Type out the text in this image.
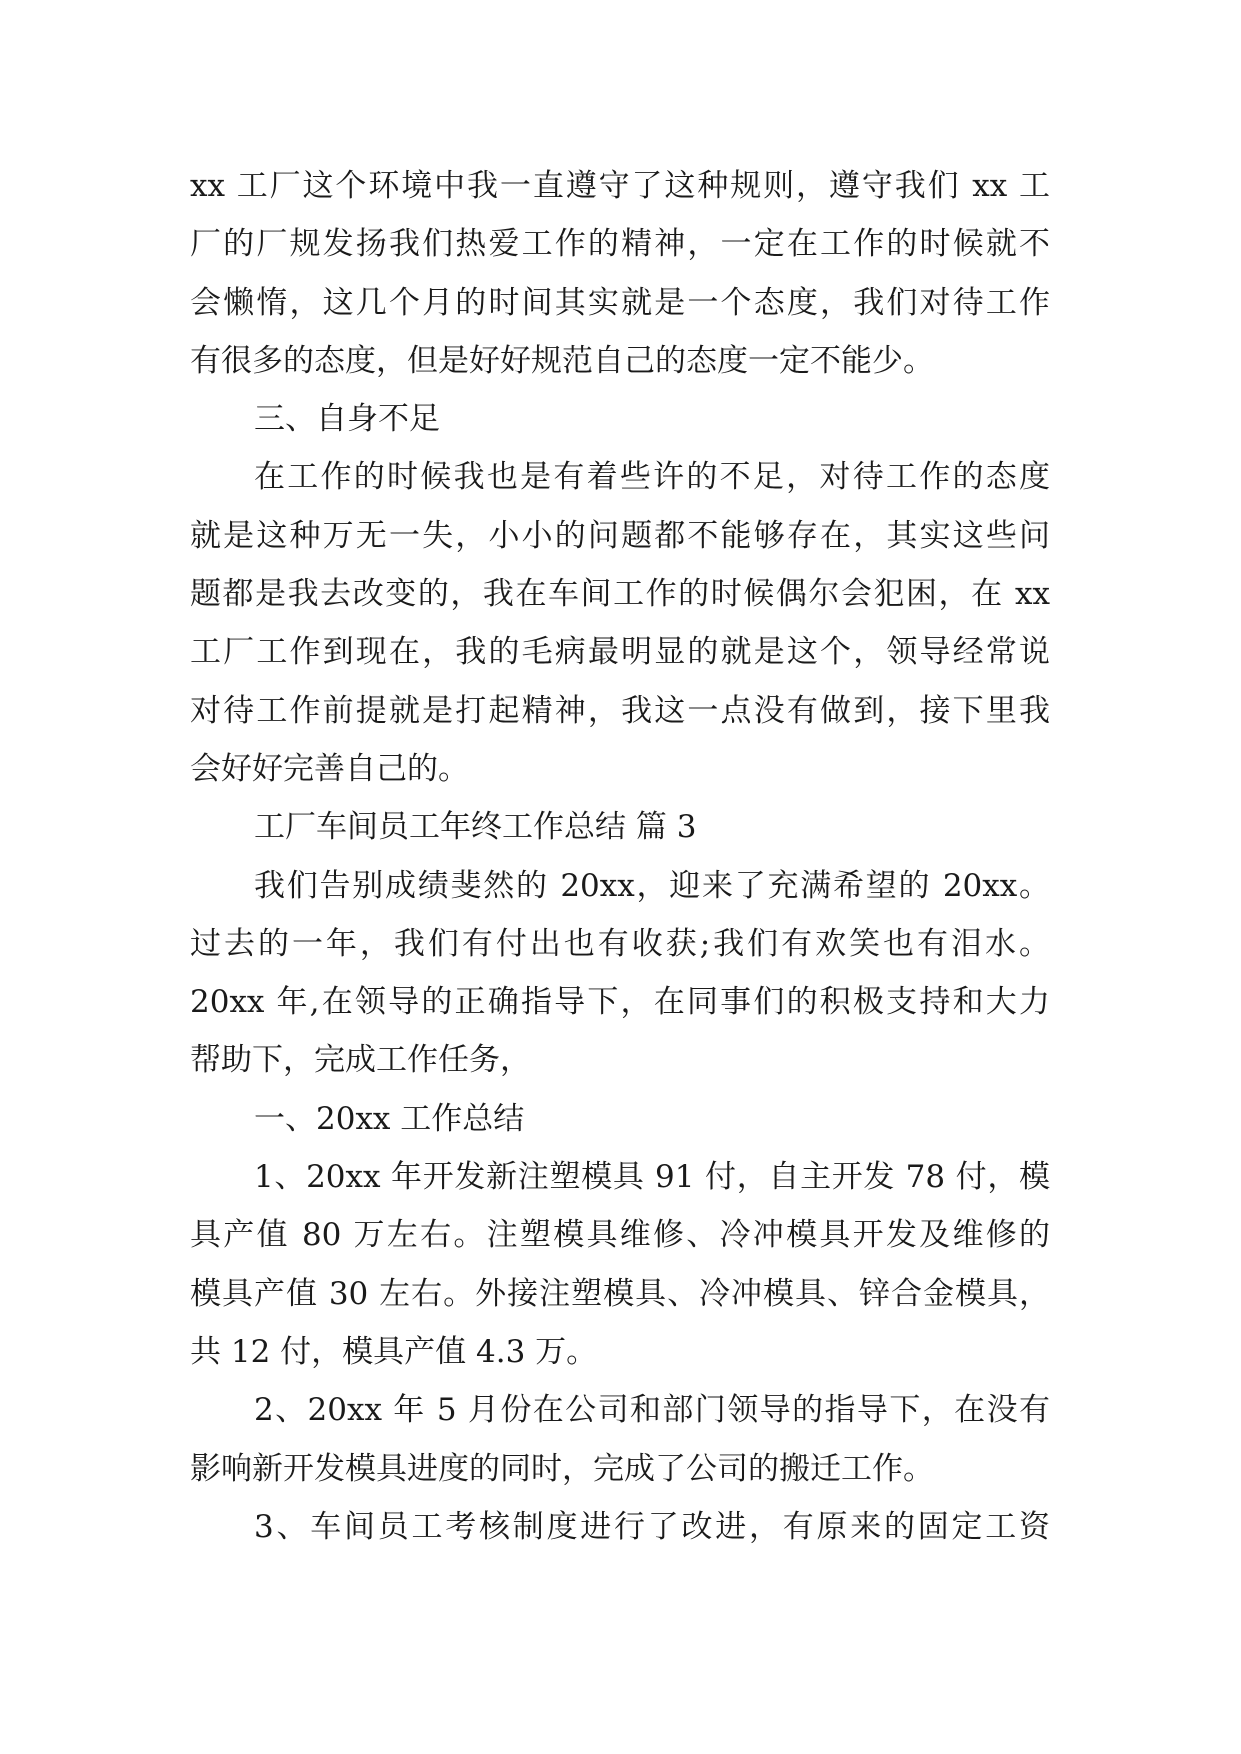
xx 工厂这个环境中我一直遵守了这种规则，遵守我们 xx 工
厂的厂规发扬我们热爱工作的精神，一定在工作的时候就不
会懒惰，这几个月的时间其实就是一个态度，我们对待工作
有很多的态度，但是好好规范自己的态度一定不能少。
三、自身不足
在工作的时候我也是有着些许的不足，对待工作的态度
就是这种万无一失，小小的问题都不能够存在，其实这些问
题都是我去改变的，我在车间工作的时候偶尔会犯困，在 xx
工厂工作到现在，我的毛病最明显的就是这个，领导经常说
对待工作前提就是打起精神，我这一点没有做到，接下里我
会好好完善自己的。
工厂车间员工年终工作总结 篇 3
我们告别成绩斐然的 20xx，迎来了充满希望的 20xx。
过去的一年，我们有付出也有收获;我们有欢笑也有泪水。
20xx 年,在领导的正确指导下，在同事们的积极支持和大力
帮助下，完成工作任务，
一、20xx 工作总结
1、20xx 年开发新注塑模具 91 付，自主开发 78 付，模
具产值 80 万左右。注塑模具维修、冷冲模具开发及维修的
模具产值 30 左右。外接注塑模具、冷冲模具、锌合金模具，
共 12 付，模具产值 4.3 万。
2、20xx 年 5 月份在公司和部门领导的指导下，在没有
影响新开发模具进度的同时，完成了公司的搬迁工作。
3、车间员工考核制度进行了改进，有原来的固定工资
